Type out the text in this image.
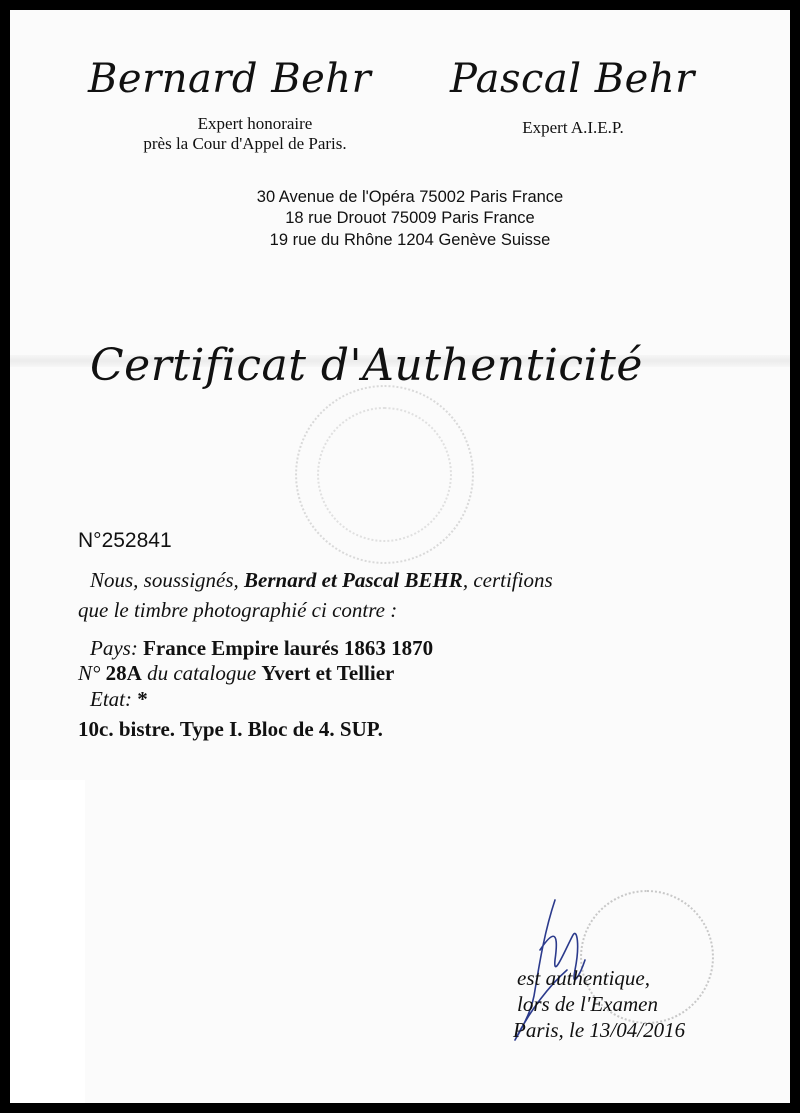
Bernard Behr Pascal Behr
Expert honoraire
près la Cour d'Appel de Paris.
Expert A.I.E.P.
30 Avenue de l'Opéra 75002 Paris France
18 rue Drouot 75009 Paris France
19 rue du Rhône 1204 Genève Suisse
Certificat d'Authenticité
N°252841
Nous, soussignés, Bernard et Pascal BEHR, certifions
que le timbre photographié ci contre :
Pays: France Empire laurés 1863 1870
N° 28A du catalogue Yvert et Tellier
Etat: *
10c. bistre. Type I. Bloc de 4. SUP.
est authentique,
lors de l'Examen
Paris, le 13/04/2016
